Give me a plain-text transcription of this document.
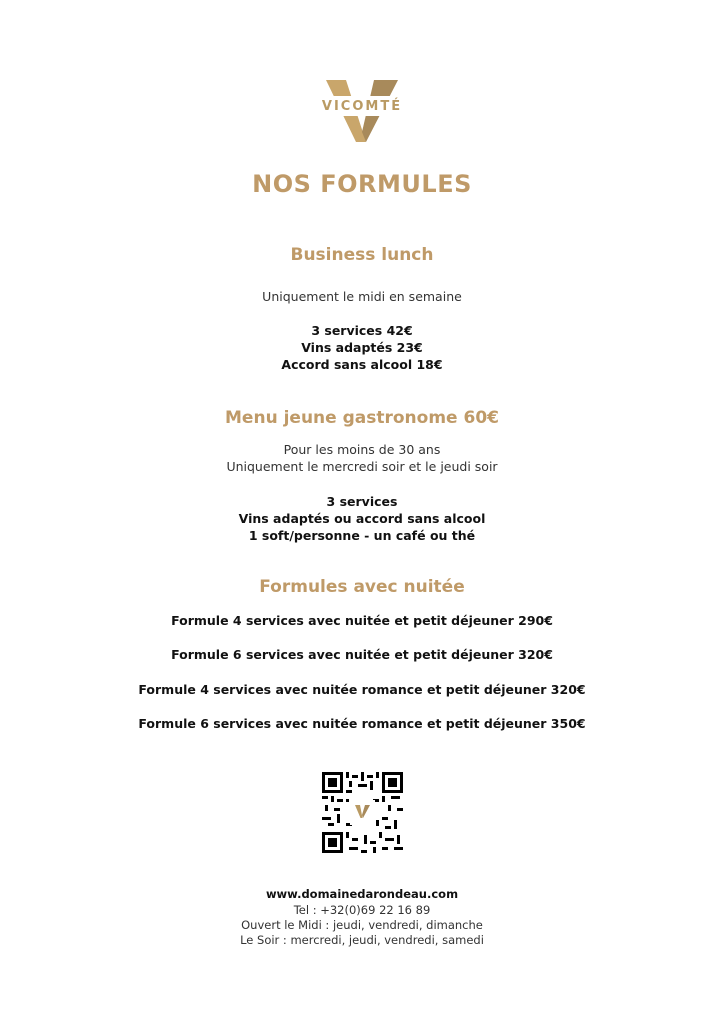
VICOMTÉ
NOS FORMULES
Business lunch
Uniquement le midi en semaine
3 services 42€
Vins adaptés 23€
Accord sans alcool 18€
Menu jeune gastronome 60€
Pour les moins de 30 ans
Uniquement le mercredi soir et le jeudi soir
3 services
Vins adaptés ou accord sans alcool
1 soft/personne - un café ou thé
Formules avec nuitée
Formule 4 services avec nuitée et petit déjeuner 290€
Formule 6 services avec nuitée et petit déjeuner 320€
Formule 4 services avec nuitée romance et petit déjeuner 320€
Formule 6 services avec nuitée romance et petit déjeuner 350€
www.domainedarondeau.com
Tel : +32(0)69 22 16 89
Ouvert le Midi : jeudi, vendredi, dimanche
Le Soir : mercredi, jeudi, vendredi, samedi
